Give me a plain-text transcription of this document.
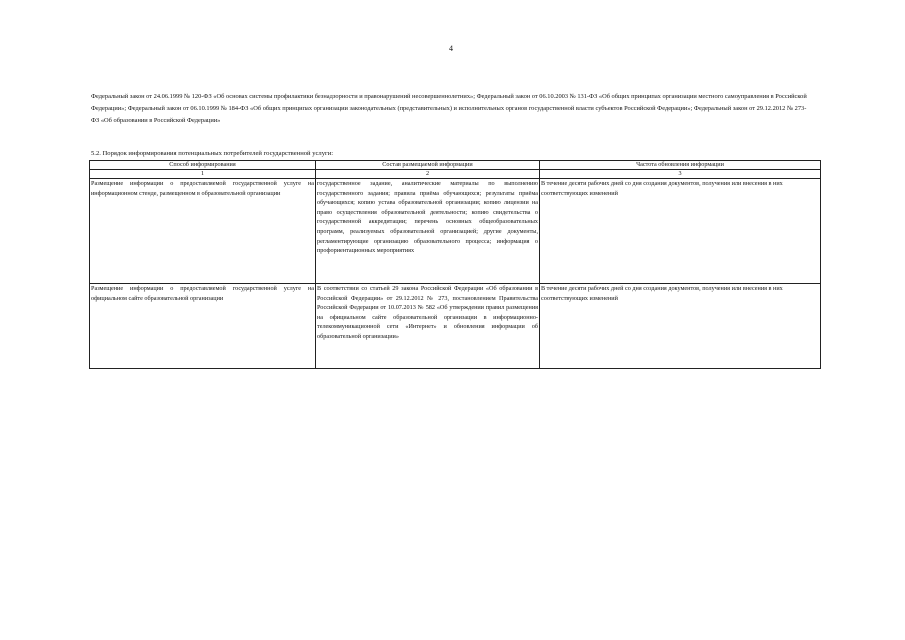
4
Федеральный закон от 24.06.1999 № 120-ФЗ «Об основах системы профилактики безнадзорности и правонарушений несовершеннолетних»; Федеральный закон от 06.10.2003 № 131-ФЗ «Об общих принципах организации местного самоуправления в Российской Федерации»; Федеральный закон от 06.10.1999 № 184-ФЗ «Об общих принципах организации законодательных (представительных) и исполнительных органов государственной власти субъектов Российской Федерации»; Федеральный закон от 29.12.2012 № 273-ФЗ «Об образовании в Российской Федерации»
5.2. Порядок информирования потенциальных потребителей государственной услуги:
Способ информирования	Состав размещаемой информации	Частота обновления информации
1	2	3
Размещение информации о предоставляемой государственной услуге на информационном стенде, размещенном в образовательной организации	государственное задание, аналитические материалы по выполнению государственного задания; правила приёма обучающихся; результаты приёма обучающихся; копию устава образовательной организации; копию лицензии на право осуществления образовательной деятельности; копию свидетельства о государственной аккредитации; перечень основных общеобразовательных программ, реализуемых образовательной организацией; другие документы, регламентирующие организацию образовательного процесса; информация о профориентационных мероприятиях	В течение десяти рабочих дней со дня создания документов, получения или внесения в них соответствующих изменений
Размещение информации о предоставляемой государственной услуге на официальном сайте образовательной организации	В соответствии со статьей 29 закона Российской Федерации «Об образовании в Российской Федерации» от 29.12.2012 № 273, постановлением Правительства Российской Федерации от 10.07.2013 № 582 «Об утверждении правил размещения на официальном сайте образовательной организации в информационно-телекоммуникационной сети «Интернет» и обновления информации об образовательной организации»	В течение десяти рабочих дней со дня создания документов, получения или внесения в них соответствующих изменений
